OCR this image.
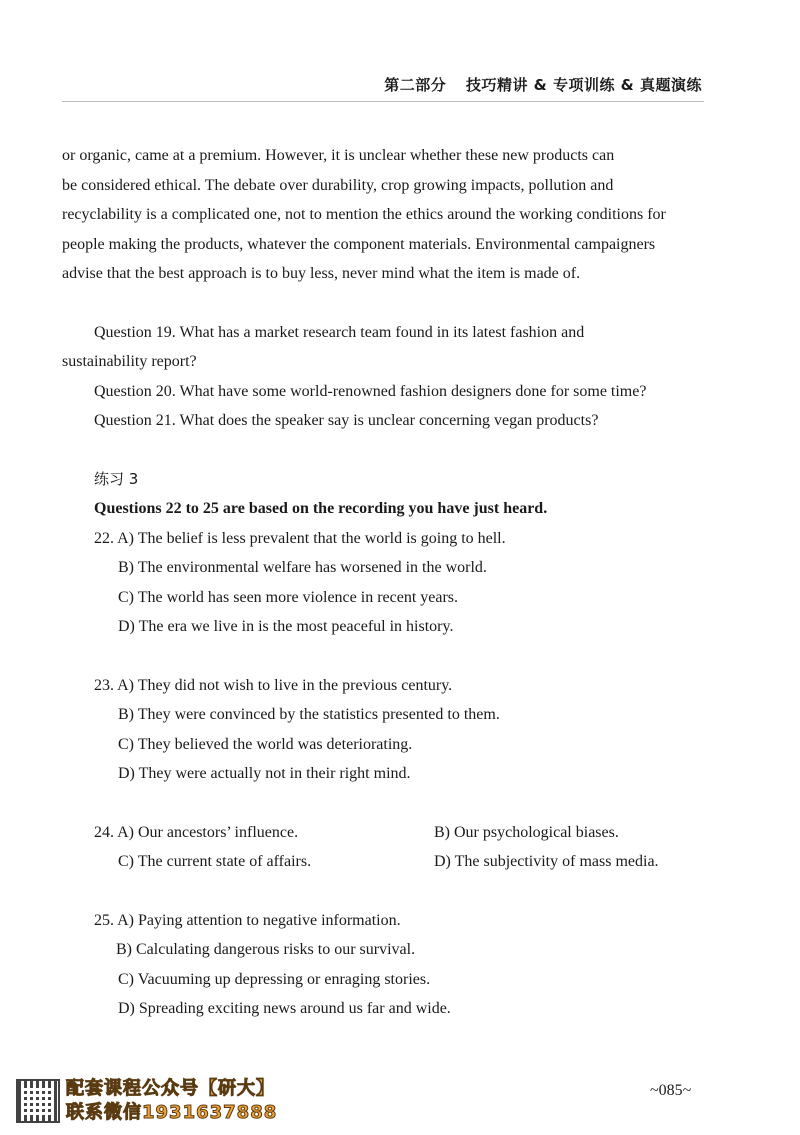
第二部分 技巧精讲 & 专项训练 & 真题演练

or organic, came at a premium. However, it is unclear whether these new products can

be considered ethical. The debate over durability, crop growing impacts, pollution and

recyclability is a complicated one, not to mention the ethics around the working conditions for

people making the products, whatever the component materials. Environmental campaigners

advise that the best approach is to buy less, never mind what the item is made of.

Question 19. What has a market research team found in its latest fashion and

sustainability report?

Question 20. What have some world-renowned fashion designers done for some time?

Question 21. What does the speaker say is unclear concerning vegan products?

练习 3

Questions 22 to 25 are based on the recording you have just heard.

22. A) The belief is less prevalent that the world is going to hell.

B) The environmental welfare has worsened in the world.

C) The world has seen more violence in recent years.

D) The era we live in is the most peaceful in history.

23. A) They did not wish to live in the previous century.

B) They were convinced by the statistics presented to them.

C) They believed the world was deteriorating.

D) They were actually not in their right mind.

24. A) Our ancestors’ influence.	B) Our psychological biases.

C) The current state of affairs.	D) The subjectivity of mass media.

25. A) Paying attention to negative information.

B) Calculating dangerous risks to our survival.

C) Vacuuming up depressing or enraging stories.

D) Spreading exciting news around us far and wide.

配套课程公众号【研大】
联系微信1931637888
~085~
